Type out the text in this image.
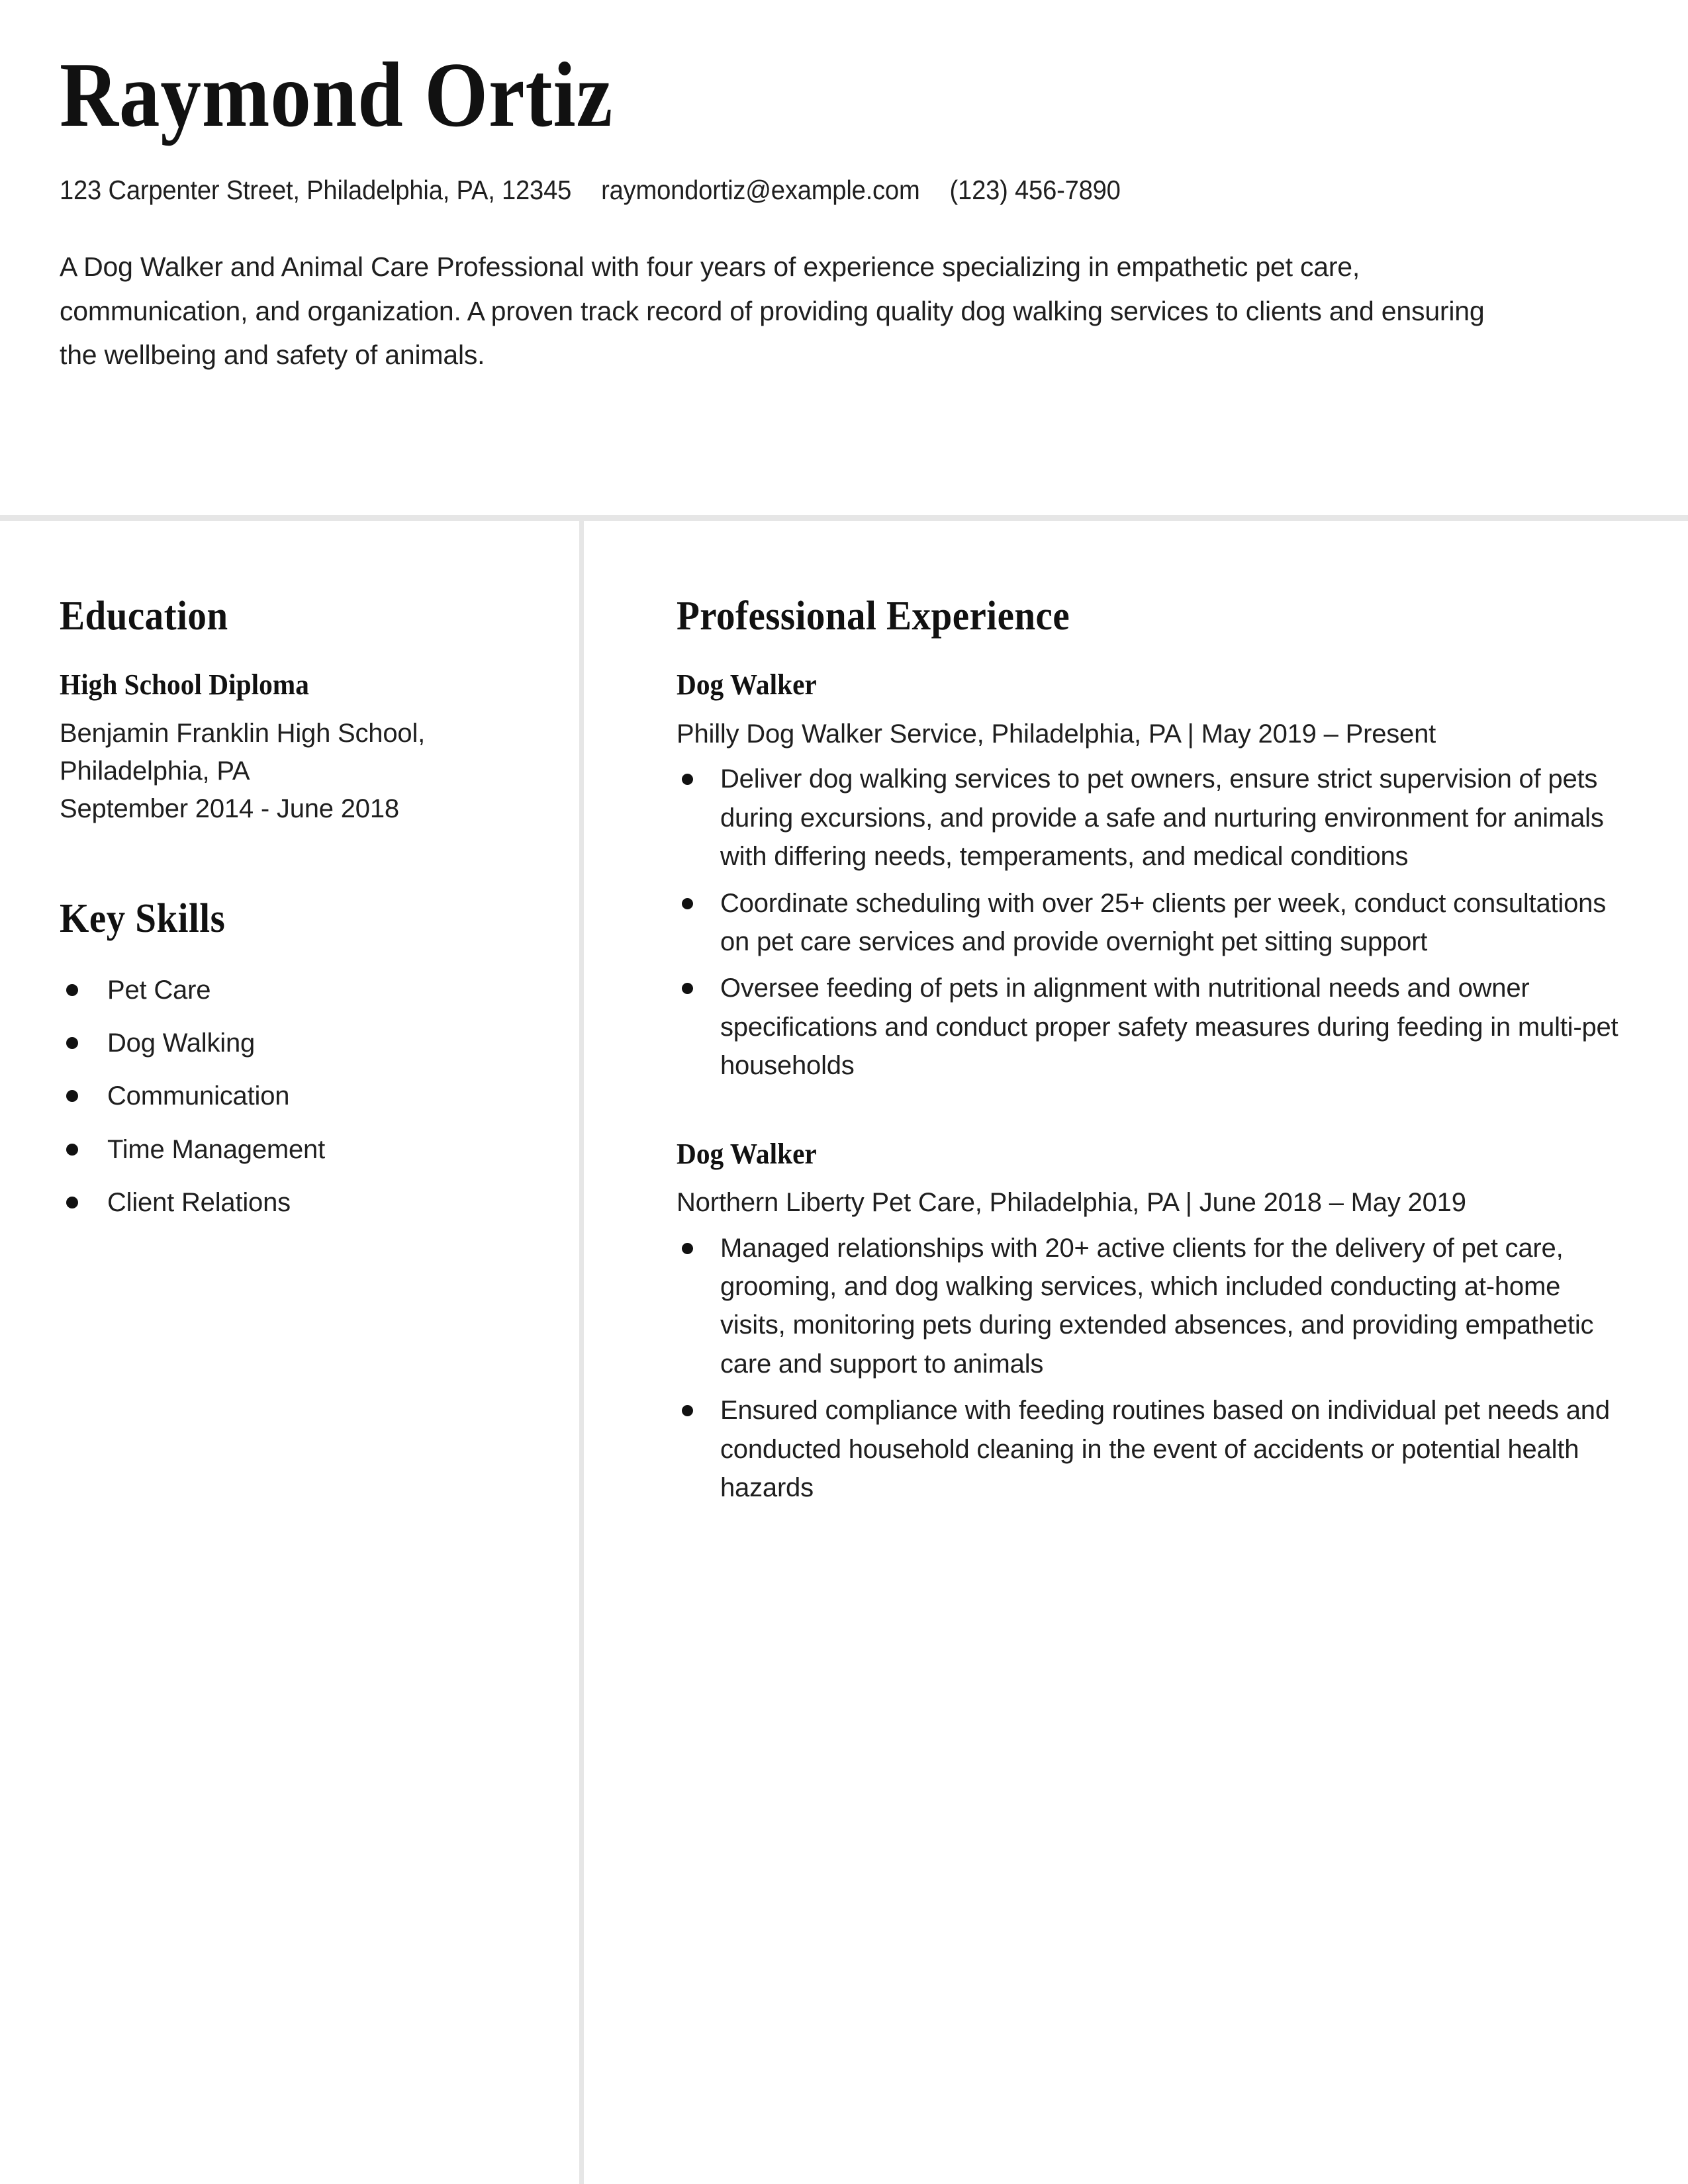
Raymond Ortiz
123 Carpenter Street, Philadelphia, PA, 12345 raymondortiz@example.com (123) 456-7890

A Dog Walker and Animal Care Professional with four years of experience specializing in empathetic pet care, communication, and organization. A proven track record of providing quality dog walking services to clients and ensuring the wellbeing and safety of animals.

Education
High School Diploma
Benjamin Franklin High School,
Philadelphia, PA
September 2014 - June 2018
Key Skills
Pet Care
Dog Walking
Communication
Time Management
Client Relations
Professional Experience
Dog Walker
Philly Dog Walker Service, Philadelphia, PA | May 2019 – Present
Deliver dog walking services to pet owners, ensure strict supervision of pets during excursions, and provide a safe and nurturing environment for animals with differing needs, temperaments, and medical conditions
Coordinate scheduling with over 25+ clients per week, conduct consultations on pet care services and provide overnight pet sitting support
Oversee feeding of pets in alignment with nutritional needs and owner specifications and conduct proper safety measures during feeding in multi-pet households
Dog Walker
Northern Liberty Pet Care, Philadelphia, PA | June 2018 – May 2019
Managed relationships with 20+ active clients for the delivery of pet care, grooming, and dog walking services, which included conducting at-home visits, monitoring pets during extended absences, and providing empathetic care and support to animals
Ensured compliance with feeding routines based on individual pet needs and conducted household cleaning in the event of accidents or potential health hazards
